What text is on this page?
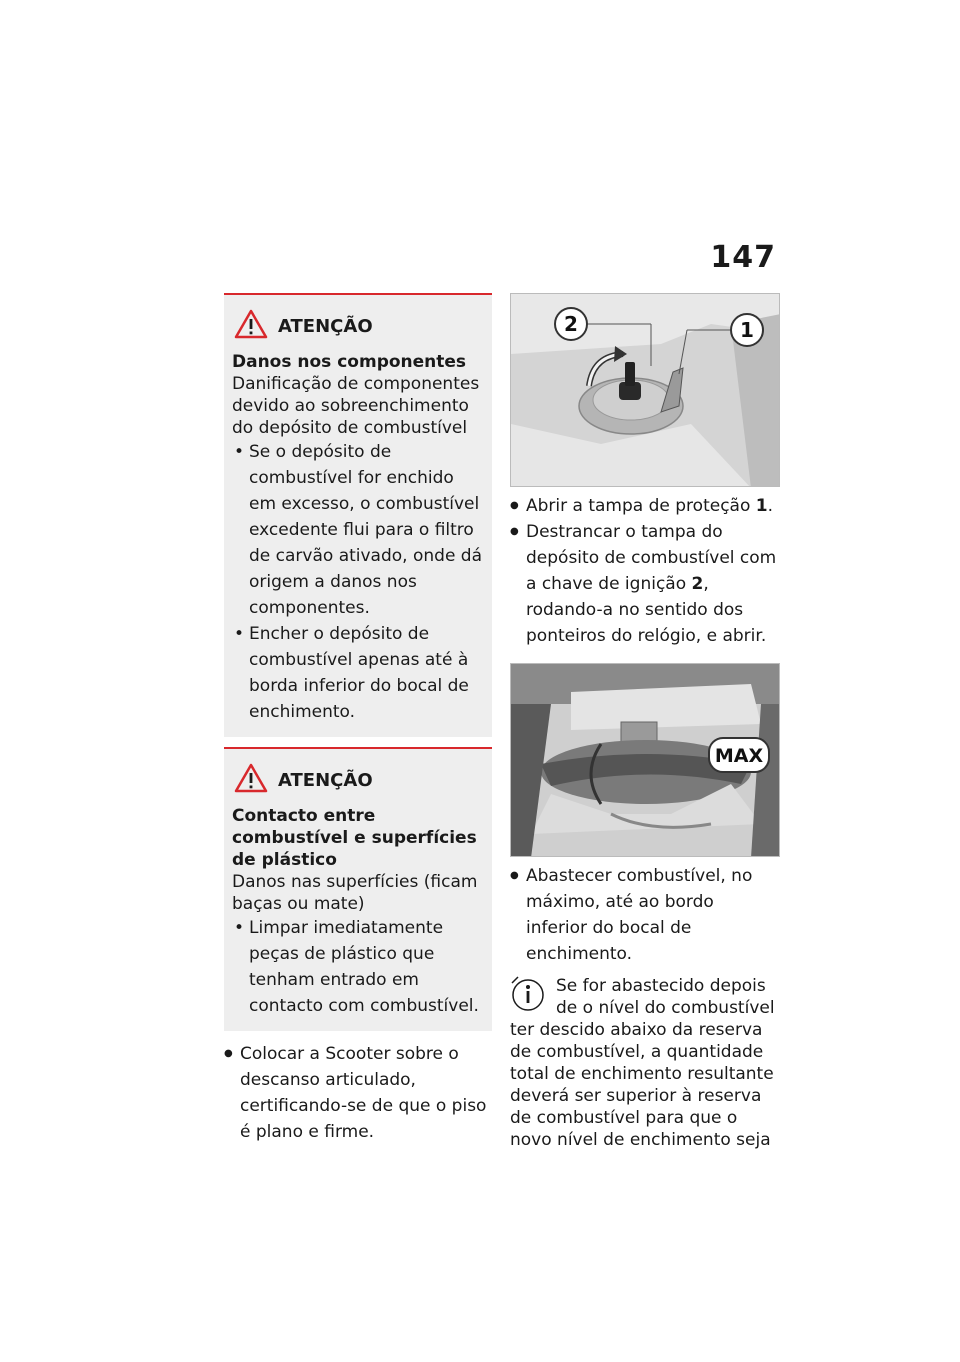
147
ATENÇÃO
Danos nos componentes
Danificação de componentes devido ao sobreenchimento do depósito de combustível
• Se o depósito de combustível for enchido em excesso, o combustível excedente flui para o filtro de carvão ativado, onde dá origem a danos nos componentes.
• Encher o depósito de combustível apenas até à borda inferior do bocal de enchimento.
ATENÇÃO
Contacto entre combustível e superfícies de plástico
Danos nas superfícies (ficam baças ou mate)
• Limpar imediatamente peças de plástico que tenham entrado em contacto com combustível.
● Colocar a Scooter sobre o descanso articulado, certificando-se de que o piso é plano e firme.
2	1
● Abrir a tampa de proteção 1.
● Destrancar o tampa do depósito de combustível com a chave de ignição 2, rodando-a no sentido dos ponteiros do relógio, e abrir.
MAX
● Abastecer combustível, no máximo, até ao bordo inferior do bocal de enchimento.
Se for abastecido depois de o nível do combustível
ter descido abaixo da reserva de combustível, a quantidade total de enchimento resultante deverá ser superior à reserva de combustível para que o novo nível de enchimento seja
